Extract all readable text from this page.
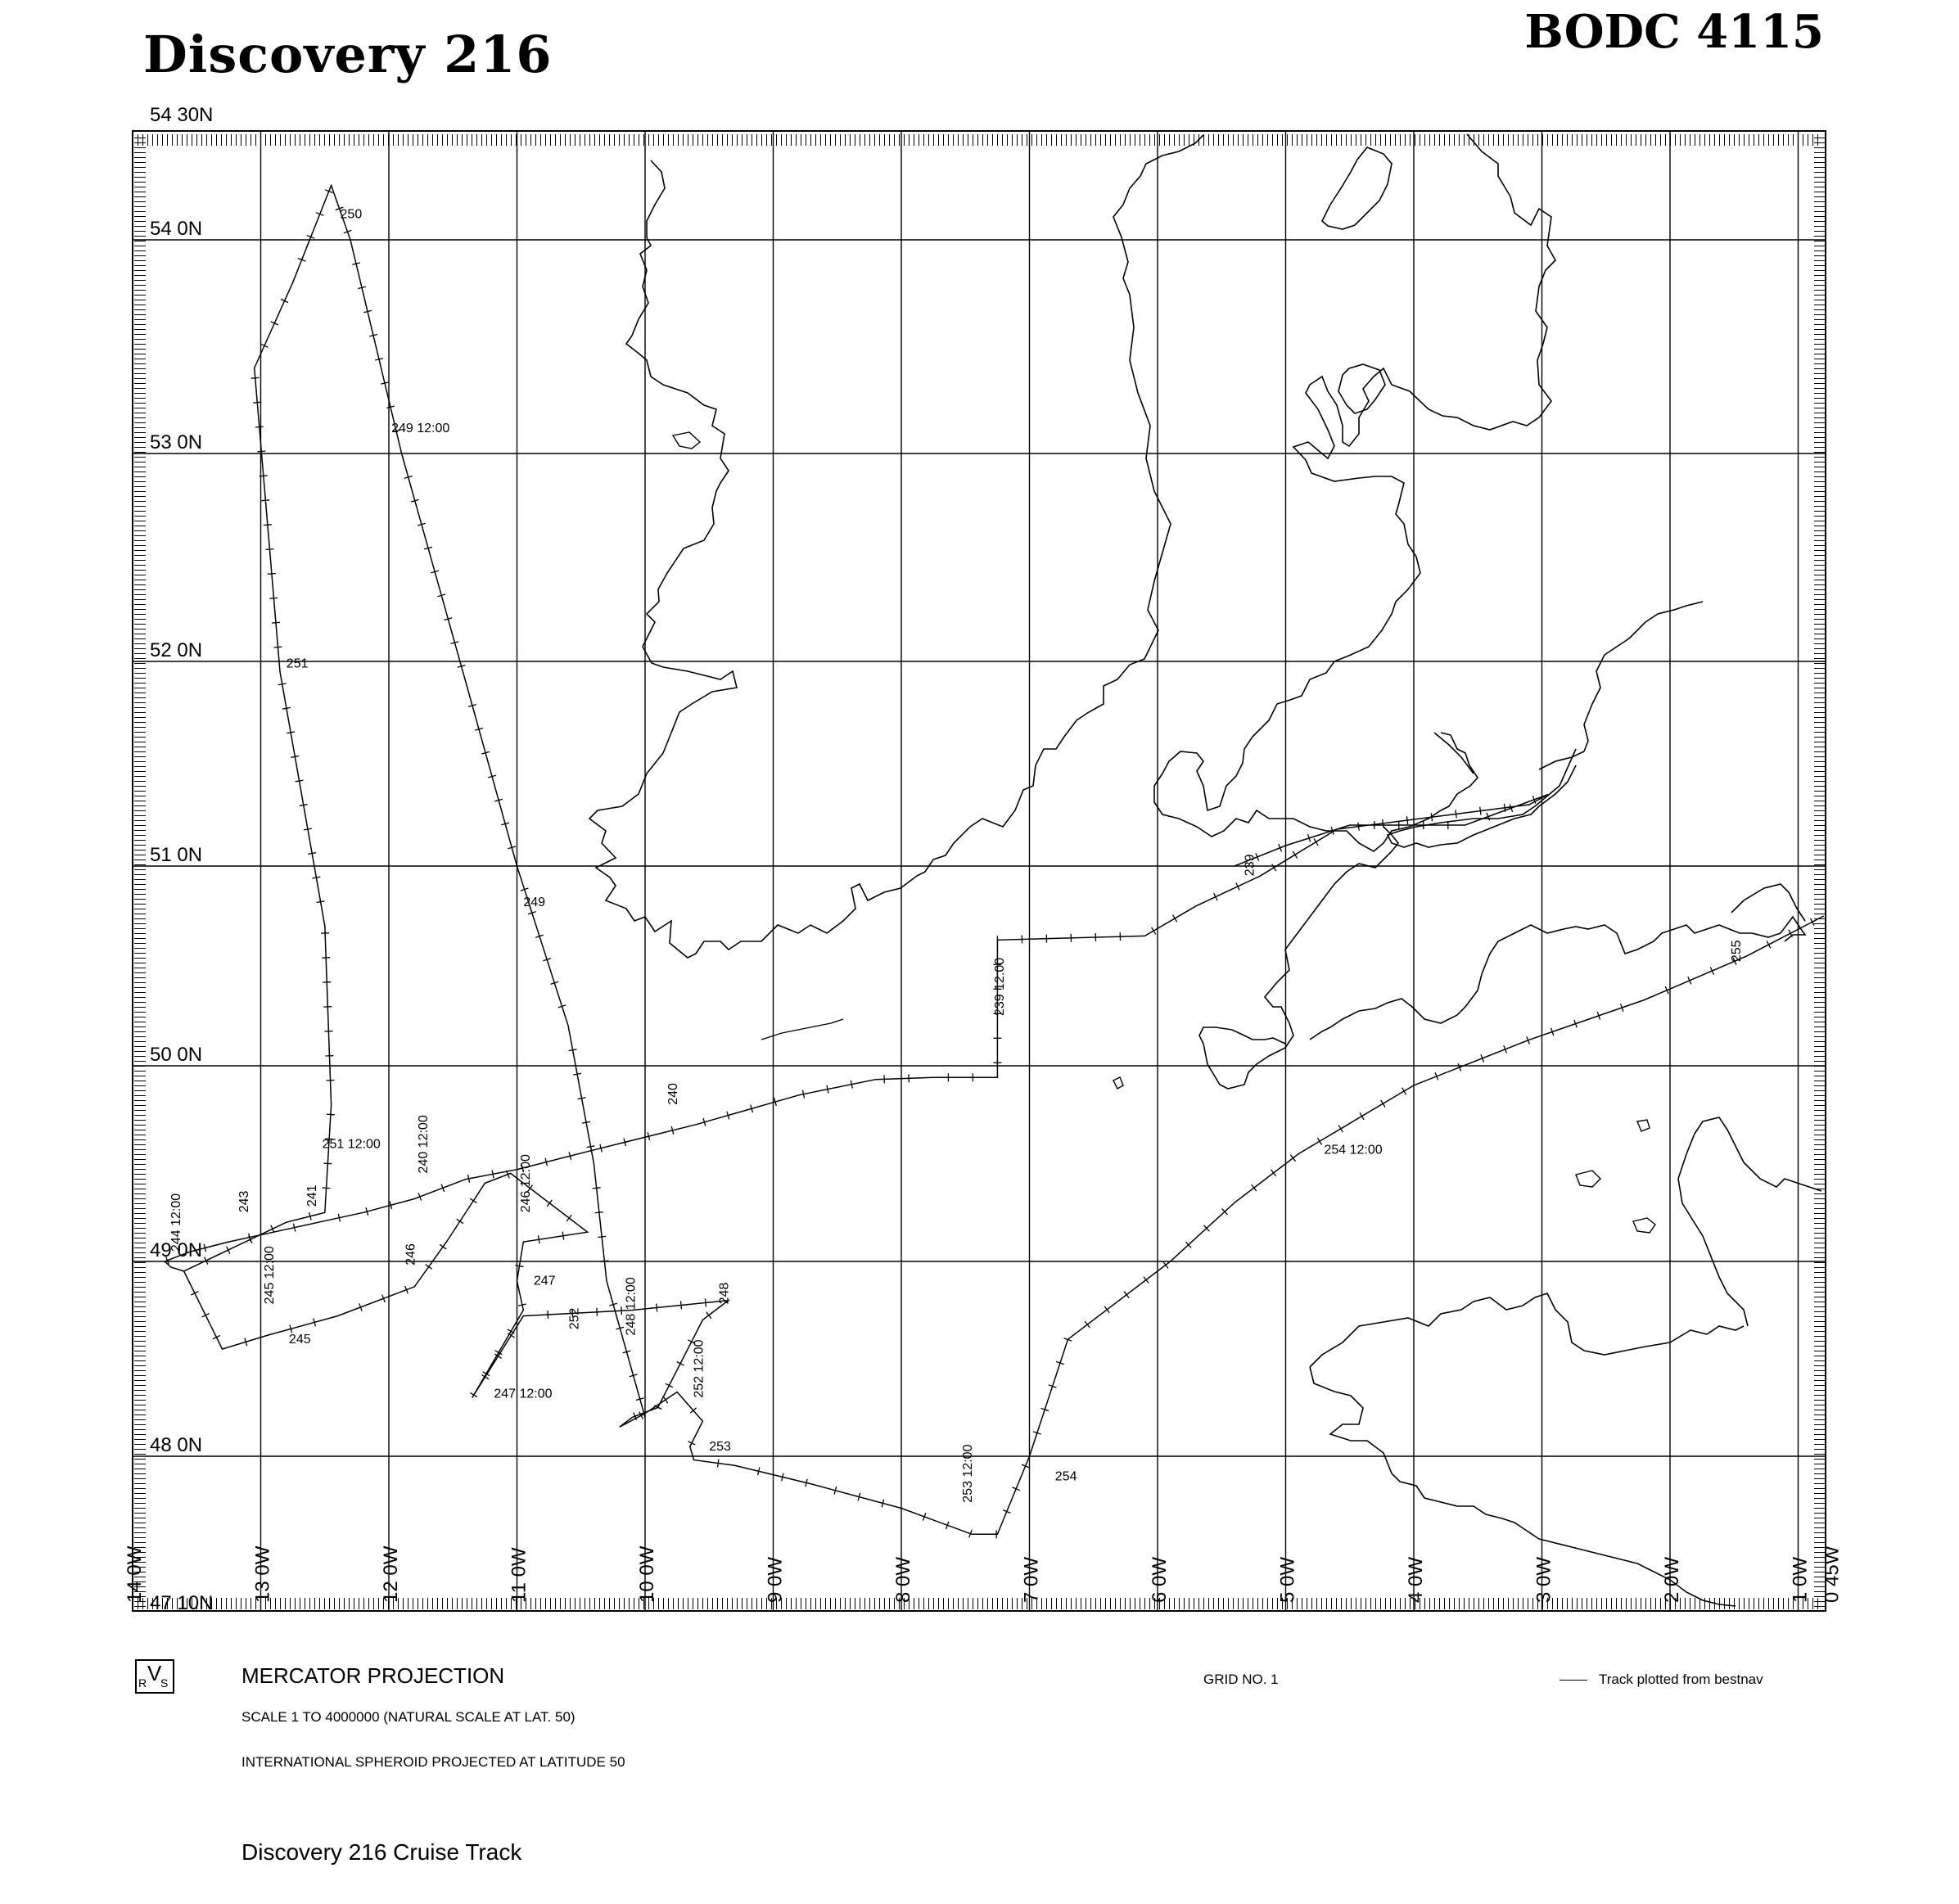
Discovery 216	BODC 4115
250
249 12:00
251
249
239
239 12:00
255
240
251 12:00	240 12:00	254 12:00
243	241	246 12:00
244 12:00
246
245 12:00	247
248
252	248 12:00
245
247 12:00	252 12:00
253
254
253 12:00
54 30N
54 0N
53 0N
52 0N
51 0N
50 0N
49 0N
48 0N
47 10N
14 0W	13 0W	12 0W	11 0W	10 0W	9 0W	8 0W	7 0W	6 0W	5 0W	4 0W	3 0W	2 0W	1 0W 0 45W
R V
S	MERCATOR PROJECTION
SCALE 1 TO 4000000 (NATURAL SCALE AT LAT. 50)
INTERNATIONAL SPHEROID PROJECTED AT LATITUDE 50
GRID NO. 1	Track plotted from bestnav
Discovery 216 Cruise Track
